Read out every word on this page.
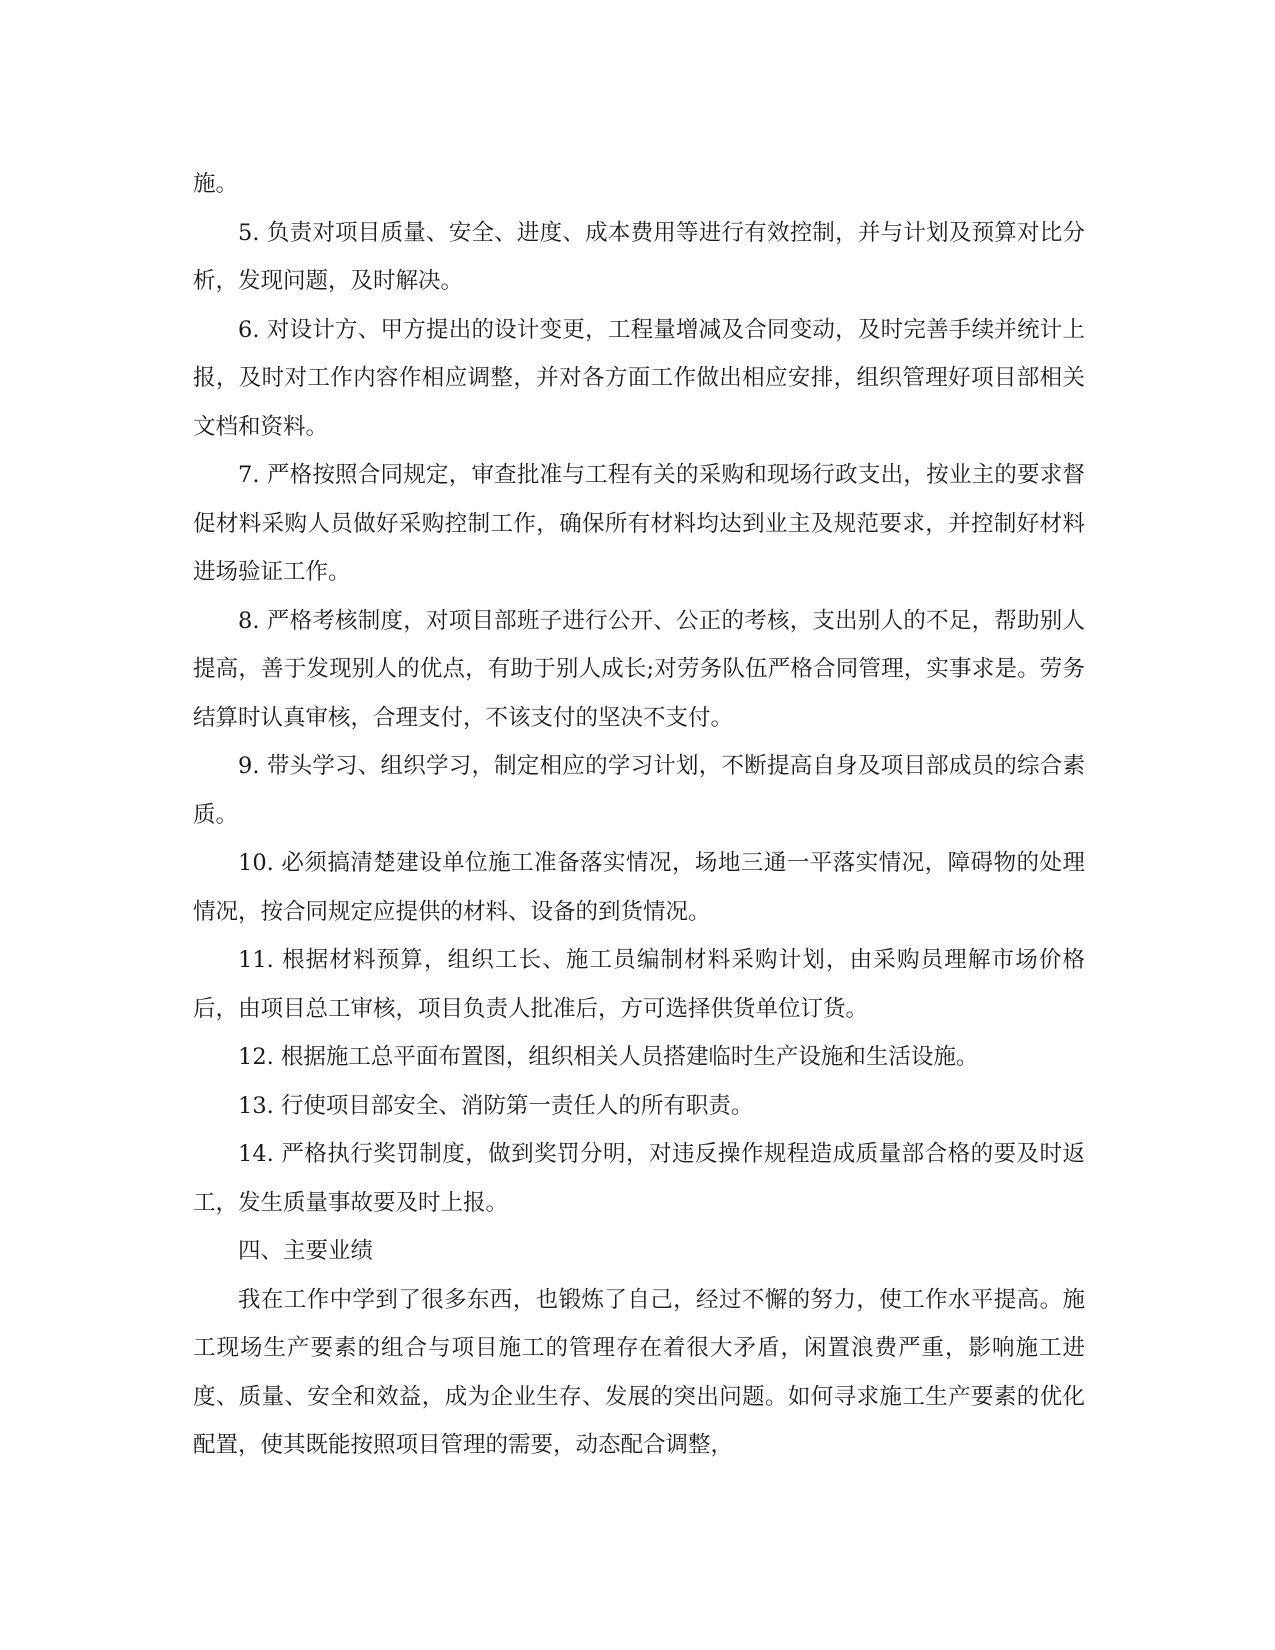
施。

5. 负责对项目质量、安全、进度、成本费用等进行有效控制，并与计划及预算对比分析，发现问题，及时解决。

6. 对设计方、甲方提出的设计变更，工程量增减及合同变动，及时完善手续并统计上报，及时对工作内容作相应调整，并对各方面工作做出相应安排，组织管理好项目部相关文档和资料。

7. 严格按照合同规定，审查批准与工程有关的采购和现场行政支出，按业主的要求督促材料采购人员做好采购控制工作，确保所有材料均达到业主及规范要求，并控制好材料进场验证工作。

8. 严格考核制度，对项目部班子进行公开、公正的考核，支出别人的不足，帮助别人提高，善于发现别人的优点，有助于别人成长;对劳务队伍严格合同管理，实事求是。劳务结算时认真审核，合理支付，不该支付的坚决不支付。

9. 带头学习、组织学习，制定相应的学习计划，不断提高自身及项目部成员的综合素质。

10. 必须搞清楚建设单位施工准备落实情况，场地三通一平落实情况，障碍物的处理情况，按合同规定应提供的材料、设备的到货情况。

11. 根据材料预算，组织工长、施工员编制材料采购计划，由采购员理解市场价格后，由项目总工审核，项目负责人批准后，方可选择供货单位订货。

12. 根据施工总平面布置图，组织相关人员搭建临时生产设施和生活设施。

13. 行使项目部安全、消防第一责任人的所有职责。

14. 严格执行奖罚制度，做到奖罚分明，对违反操作规程造成质量部合格的要及时返工，发生质量事故要及时上报。

四、主要业绩

我在工作中学到了很多东西，也锻炼了自己，经过不懈的努力，使工作水平提高。施工现场生产要素的组合与项目施工的管理存在着很大矛盾，闲置浪费严重，影响施工进度、质量、安全和效益，成为企业生存、发展的突出问题。如何寻求施工生产要素的优化配置，使其既能按照项目管理的需要，动态配合调整，
